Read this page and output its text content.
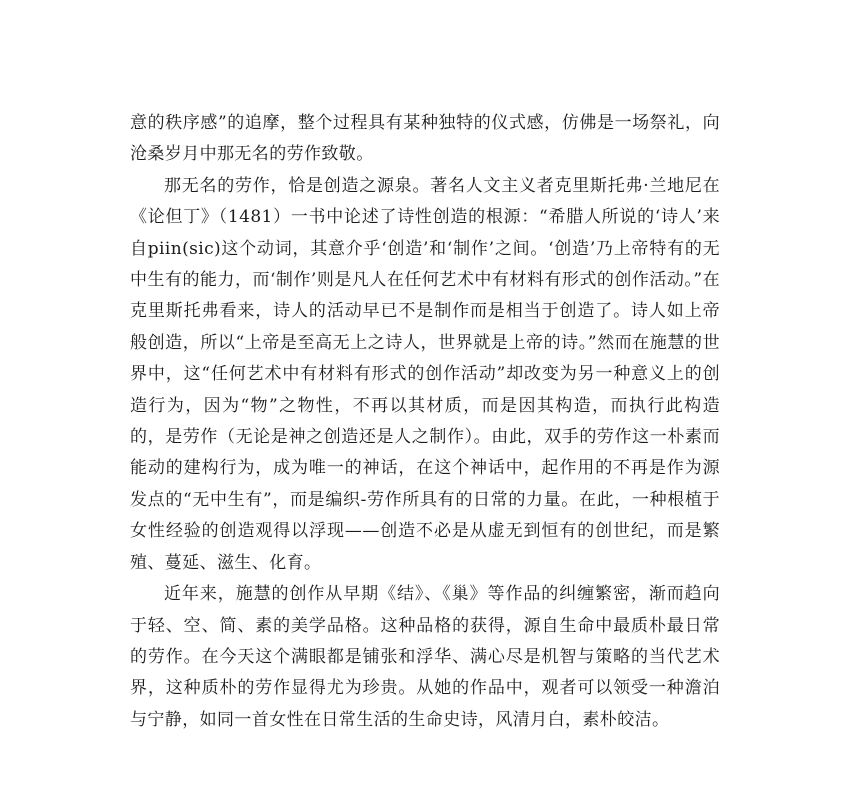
意的秩序感”的追摩，整个过程具有某种独特的仪式感，仿佛是一场祭礼，向沧桑岁月中那无名的劳作致敬。

那无名的劳作，恰是创造之源泉。著名人文主义者克里斯托弗·兰地尼在《论但丁》（1481）一书中论述了诗性创造的根源：“希腊人所说的‘诗人’来自piin(sic)这个动词，其意介乎‘创造’和‘制作’之间。‘创造’乃上帝特有的无中生有的能力，而‘制作’则是凡人在任何艺术中有材料有形式的创作活动。”在克里斯托弗看来，诗人的活动早已不是制作而是相当于创造了。诗人如上帝般创造，所以“上帝是至高无上之诗人，世界就是上帝的诗。”然而在施慧的世界中，这“任何艺术中有材料有形式的创作活动”却改变为另一种意义上的创造行为，因为“物”之物性，不再以其材质，而是因其构造，而执行此构造的，是劳作（无论是神之创造还是人之制作）。由此，双手的劳作这一朴素而能动的建构行为，成为唯一的神话，在这个神话中，起作用的不再是作为源发点的“无中生有”，而是编织-劳作所具有的日常的力量。在此，一种根植于女性经验的创造观得以浮现——创造不必是从虚无到恒有的创世纪，而是繁殖、蔓延、滋生、化育。

近年来，施慧的创作从早期《结》、《巢》等作品的纠缠繁密，渐而趋向于轻、空、简、素的美学品格。这种品格的获得，源自生命中最质朴最日常的劳作。在今天这个满眼都是铺张和浮华、满心尽是机智与策略的当代艺术界，这种质朴的劳作显得尤为珍贵。从她的作品中，观者可以领受一种澹泊与宁静，如同一首女性在日常生活的生命史诗，风清月白，素朴皎洁。
